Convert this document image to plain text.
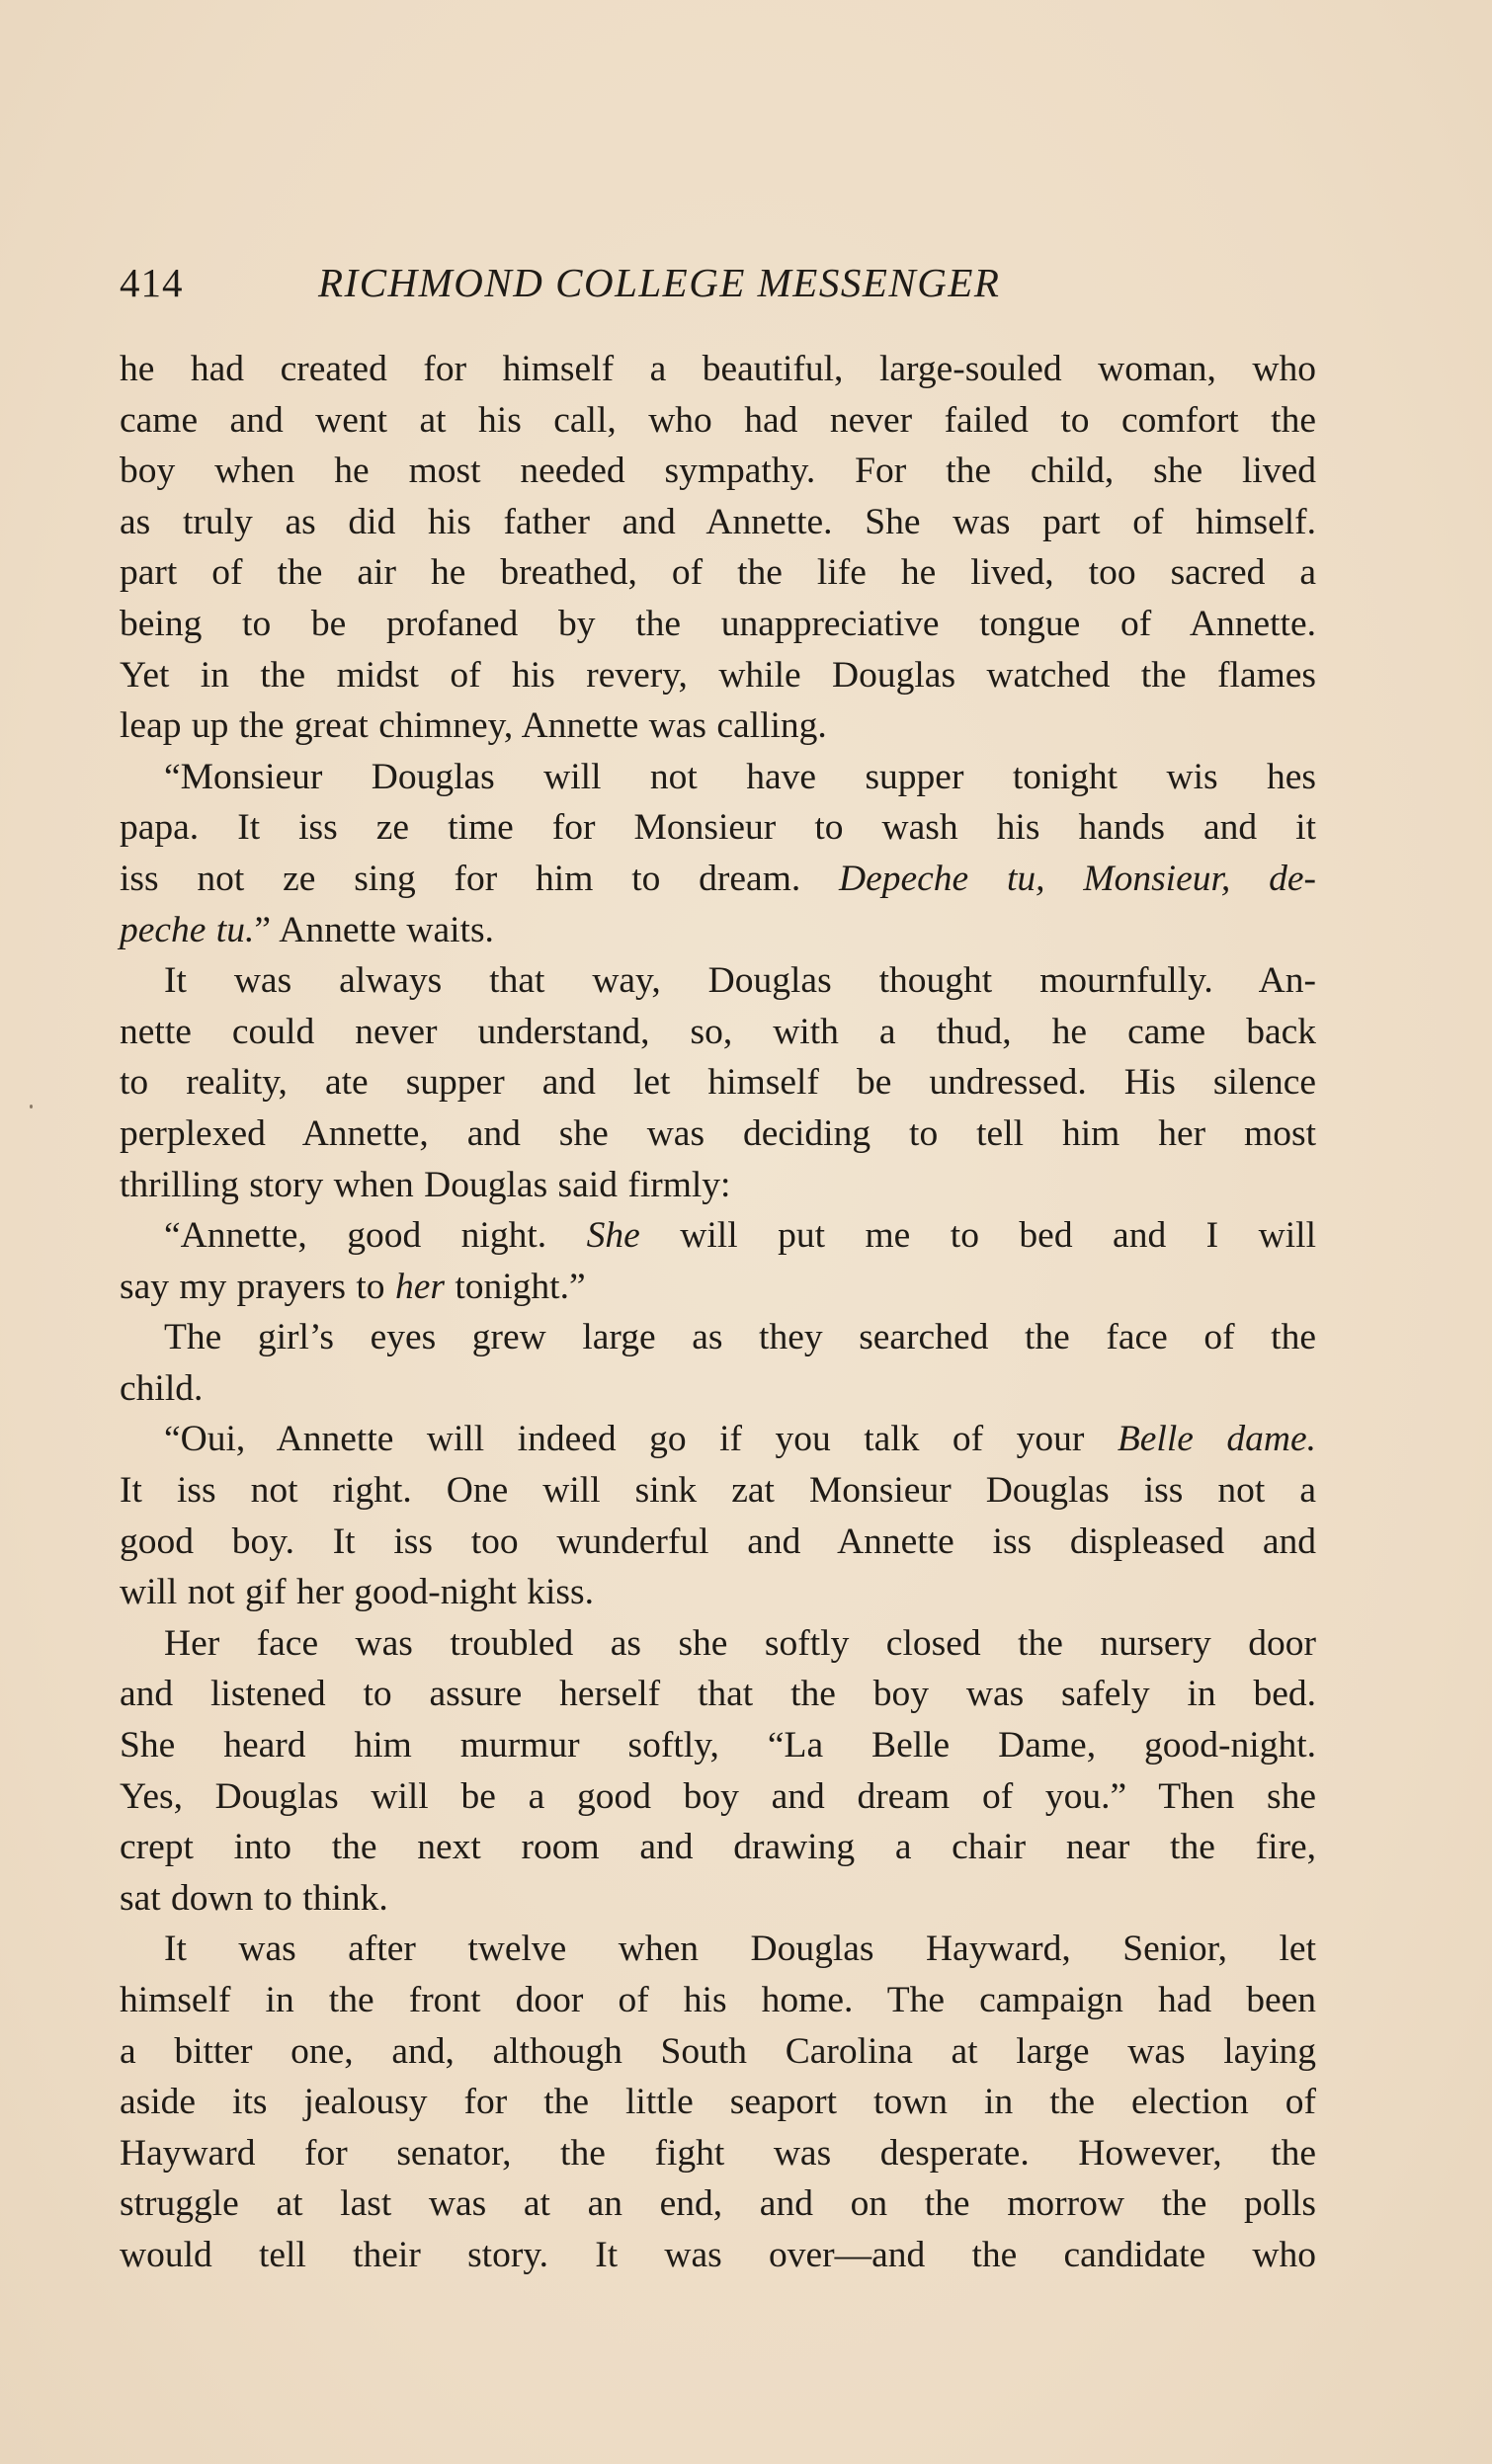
414	RICHMOND COLLEGE MESSENGER
he had created for himself a beautiful, large-souled woman, who
came and went at his call, who had never failed to comfort the
boy when he most needed sympathy. For the child, she lived
as truly as did his father and Annette. She was part of himself.
part of the air he breathed, of the life he lived, too sacred a
being to be profaned by the unappreciative tongue of Annette.
Yet in the midst of his revery, while Douglas watched the flames
leap up the great chimney, Annette was calling.
“Monsieur Douglas will not have supper tonight wis hes
papa. It iss ze time for Monsieur to wash his hands and it
iss not ze sing for him to dream. Depeche tu, Monsieur, de-
peche tu.” Annette waits.
It was always that way, Douglas thought mournfully. An-
nette could never understand, so, with a thud, he came back
to reality, ate supper and let himself be undressed. His silence
perplexed Annette, and she was deciding to tell him her most
thrilling story when Douglas said firmly:
“Annette, good night. She will put me to bed and I will
say my prayers to her tonight.”
The girl’s eyes grew large as they searched the face of the
child.
“Oui, Annette will indeed go if you talk of your Belle dame.
It iss not right. One will sink zat Monsieur Douglas iss not a
good boy. It iss too wunderful and Annette iss displeased and
will not gif her good-night kiss.
Her face was troubled as she softly closed the nursery door
and listened to assure herself that the boy was safely in bed.
She heard him murmur softly, “La Belle Dame, good-night.
Yes, Douglas will be a good boy and dream of you.” Then she
crept into the next room and drawing a chair near the fire,
sat down to think.
It was after twelve when Douglas Hayward, Senior, let
himself in the front door of his home. The campaign had been
a bitter one, and, although South Carolina at large was laying
aside its jealousy for the little seaport town in the election of
Hayward for senator, the fight was desperate. However, the
struggle at last was at an end, and on the morrow the polls
would tell their story. It was over—and the candidate who
